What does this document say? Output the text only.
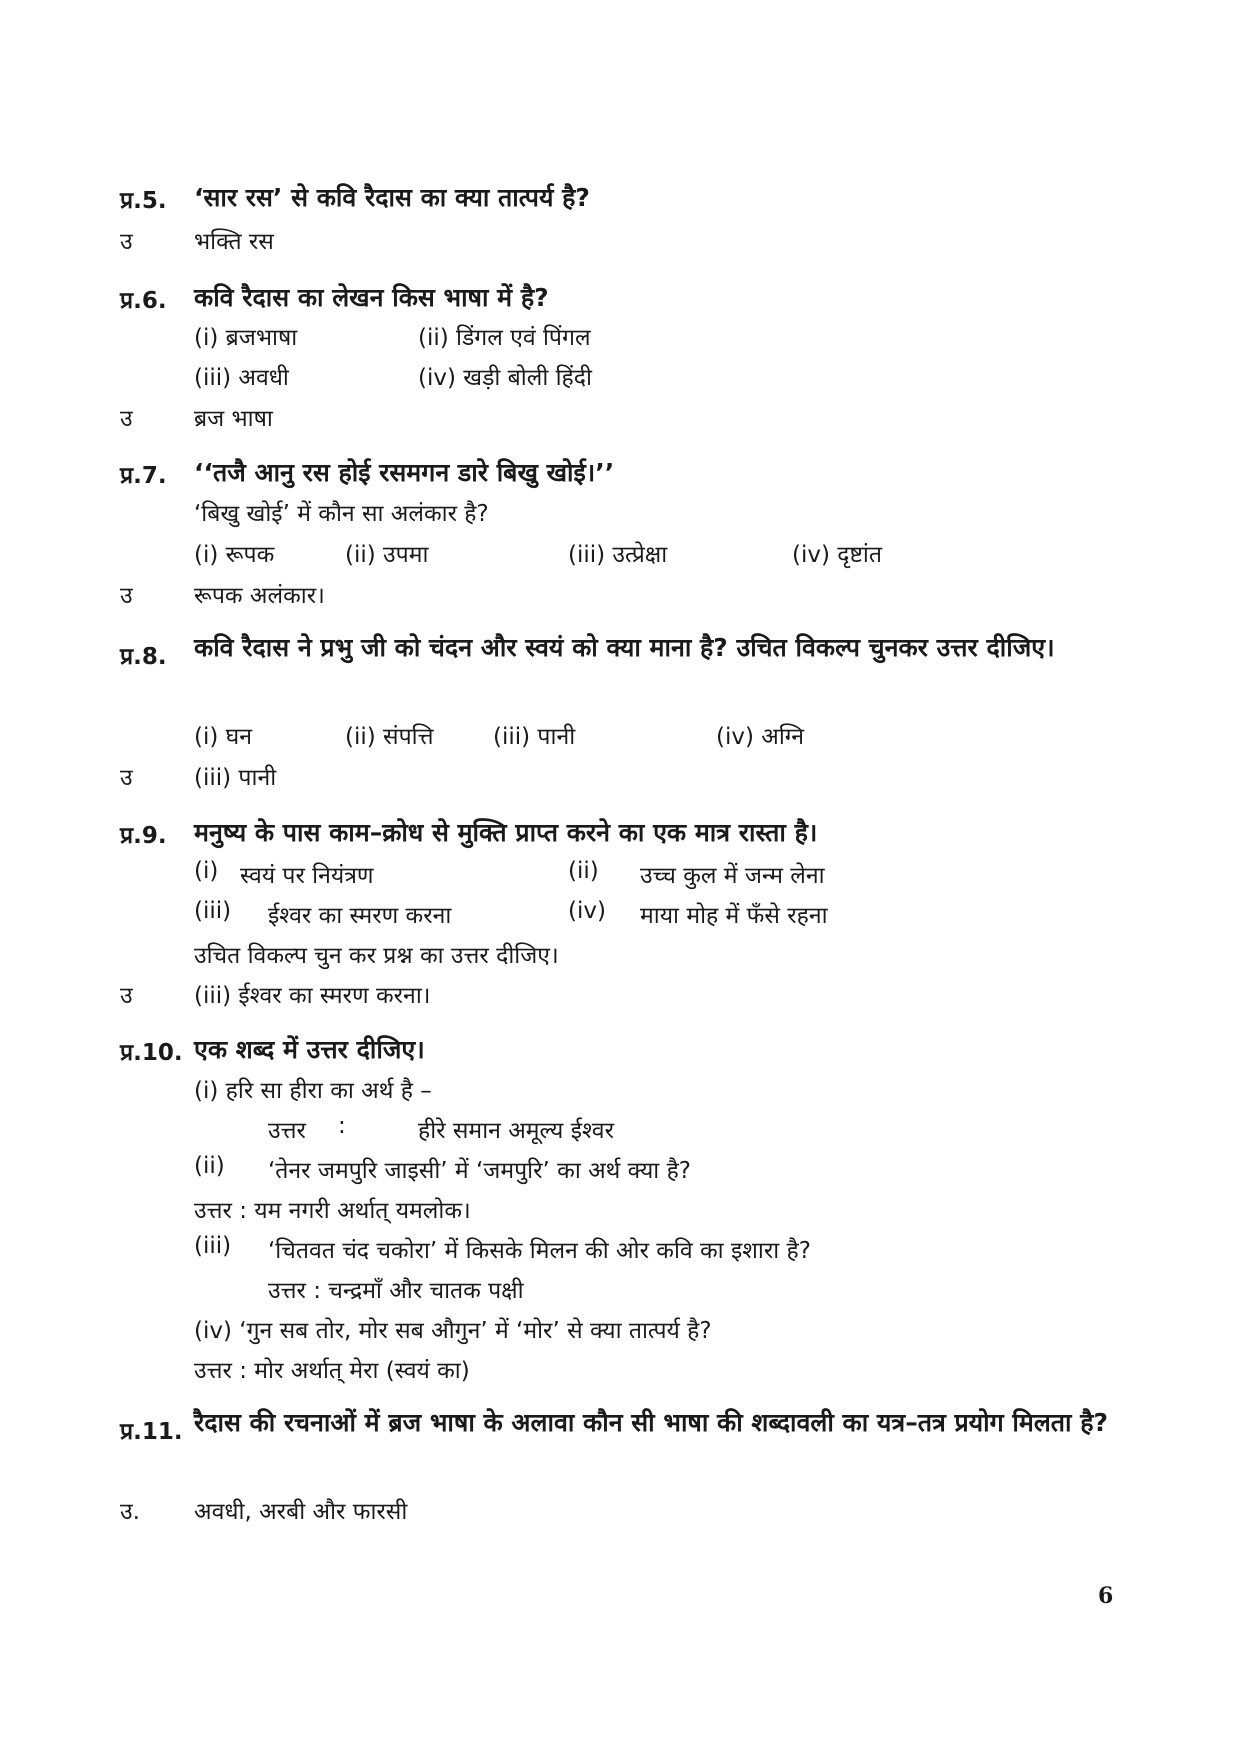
प्र.5. ‘सार रस’ से कवि रैदास का क्या तात्पर्य है?
उ	भक्ति रस
प्र.6. कवि रैदास का लेखन किस भाषा में है?
(i) ब्रजभाषा	(ii) डिंगल एवं पिंगल
(iii) अवधी	(iv) खड़ी बोली हिंदी
उ	ब्रज भाषा
प्र.7. ‘‘तजै आनु रस होई रसमगन डारे बिखु खोई।’’
‘बिखु खोई’ में कौन सा अलंकार है?
(i) रूपक	(ii) उपमा	(iii) उत्प्रेक्षा	(iv) दृष्टांत
उ	रूपक अलंकार।
प्र.8. कवि रैदास ने प्रभु जी को चंदन और स्वयं को क्या माना है? उचित विकल्प चुनकर उत्तर दीजिए।
(i) घन	(ii) संपत्ति	(iii) पानी	(iv) अग्नि
उ	(iii) पानी
प्र.9. मनुष्य के पास काम–क्रोध से मुक्ति प्राप्त करने का एक मात्र रास्ता है।
(i) स्वयं पर नियंत्रण	(ii) उच्च कुल में जन्म लेना
(iii) ईश्वर का स्मरण करना	(iv) माया मोह में फँसे रहना
उचित विकल्प चुन कर प्रश्न का उत्तर दीजिए।
उ	(iii) ईश्वर का स्मरण करना।
प्र.10. एक शब्द में उत्तर दीजिए।
(i) हरि सा हीरा का अर्थ है –
उत्तर :	हीरे समान अमूल्य ईश्वर
(ii) ‘तेनर जमपुरि जाइसी’ में ‘जमपुरि’ का अर्थ क्या है?
उत्तर : यम नगरी अर्थात् यमलोक।
(iii) ‘चितवत चंद चकोरा’ में किसके मिलन की ओर कवि का इशारा है?
उत्तर : चन्द्रमाँ और चातक पक्षी
(iv) ‘गुन सब तोर, मोर सब औगुन’ में ‘मोर’ से क्या तात्पर्य है?
उत्तर : मोर अर्थात् मेरा (स्वयं का)
प्र.11. रैदास की रचनाओं में ब्रज भाषा के अलावा कौन सी भाषा की शब्दावली का यत्र–तत्र प्रयोग मिलता है?
उ. अवधी, अरबी और फारसी
6
